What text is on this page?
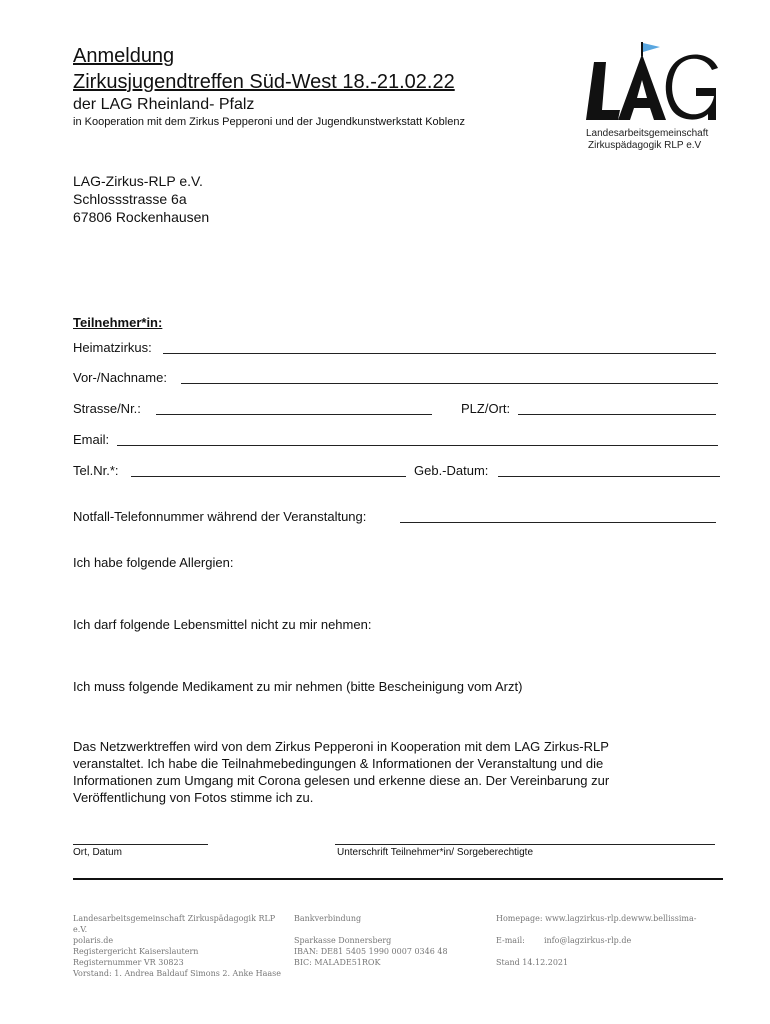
Anmeldung
Zirkusjugendtreffen Süd-West 18.-21.02.22
der LAG Rheinland- Pfalz
in Kooperation mit dem Zirkus Pepperoni und der Jugendkunstwerkstatt Koblenz
Landesarbeitsgemeinschaft
Zirkuspädagogik RLP e.V
LAG-Zirkus-RLP e.V.
Schlossstrasse 6a
67806 Rockenhausen
Teilnehmer*in:
Heimatzirkus:
Vor-/Nachname:
Strasse/Nr.:	PLZ/Ort:
Email:
Tel.Nr.*:	Geb.-Datum:
Notfall-Telefonnummer während der Veranstaltung:
Ich habe folgende Allergien:
Ich darf folgende Lebensmittel nicht zu mir nehmen:
Ich muss folgende Medikament zu mir nehmen (bitte Bescheinigung vom Arzt)
Das Netzwerktreffen wird von dem Zirkus Pepperoni in Kooperation mit dem LAG Zirkus-RLP veranstaltet. Ich habe die Teilnahmebedingungen & Informationen der Veranstaltung und die Informationen zum Umgang mit Corona gelesen und erkenne diese an. Der Vereinbarung zur Veröffentlichung von Fotos stimme ich zu.
Ort, Datum	Unterschrift Teilnehmer*in/ Sorgeberechtigte
Landesarbeitsgemeinschaft Zirkuspädagogik RLP e.V.
polaris.de
Registergericht Kaiserslautern
Registernummer VR 30823
Vorstand: 1. Andrea Baldauf Simons 2. Anke Haase
Bankverbindung
Sparkasse Donnersberg
IBAN: DE81 5405 1990 0007 0346 48
BIC: MALADE51ROK
Homepage: www.lagzirkus-rlp.dewww.bellissima-
E-mail: info@lagzirkus-rlp.de
Stand 14.12.2021
